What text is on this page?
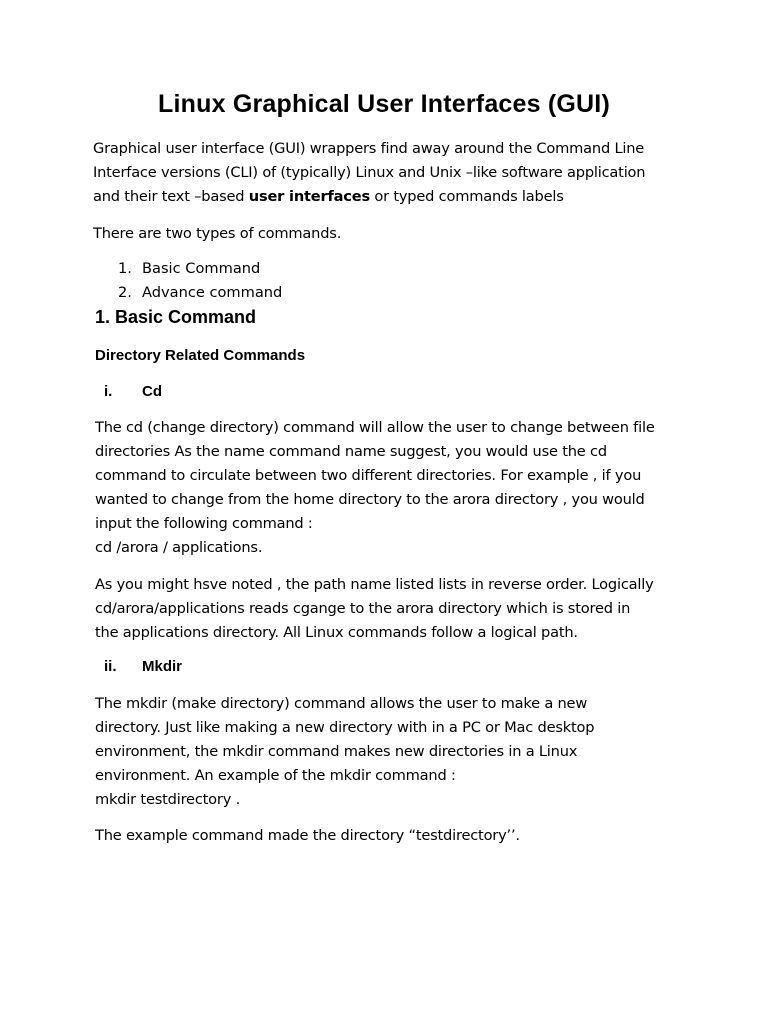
Linux Graphical User Interfaces (GUI)
Graphical user interface (GUI) wrappers find away around the Command Line
Interface versions (CLI) of (typically) Linux and Unix –like software application
and their text –based user interfaces or typed commands labels
There are two types of commands.
1. Basic Command
2. Advance command
1. Basic Command
Directory Related Commands
i. Cd
The cd (change directory) command will allow the user to change between file
directories As the name command name suggest, you would use the cd
command to circulate between two different directories. For example , if you
wanted to change from the home directory to the arora directory , you would
input the following command :
cd /arora / applications.
As you might hsve noted , the path name listed lists in reverse order. Logically
cd/arora/applications reads cgange to the arora directory which is stored in
the applications directory. All Linux commands follow a logical path.
ii. Mkdir
The mkdir (make directory) command allows the user to make a new
directory. Just like making a new directory with in a PC or Mac desktop
environment, the mkdir command makes new directories in a Linux
environment. An example of the mkdir command :
mkdir testdirectory .
The example command made the directory “testdirectory’’.
